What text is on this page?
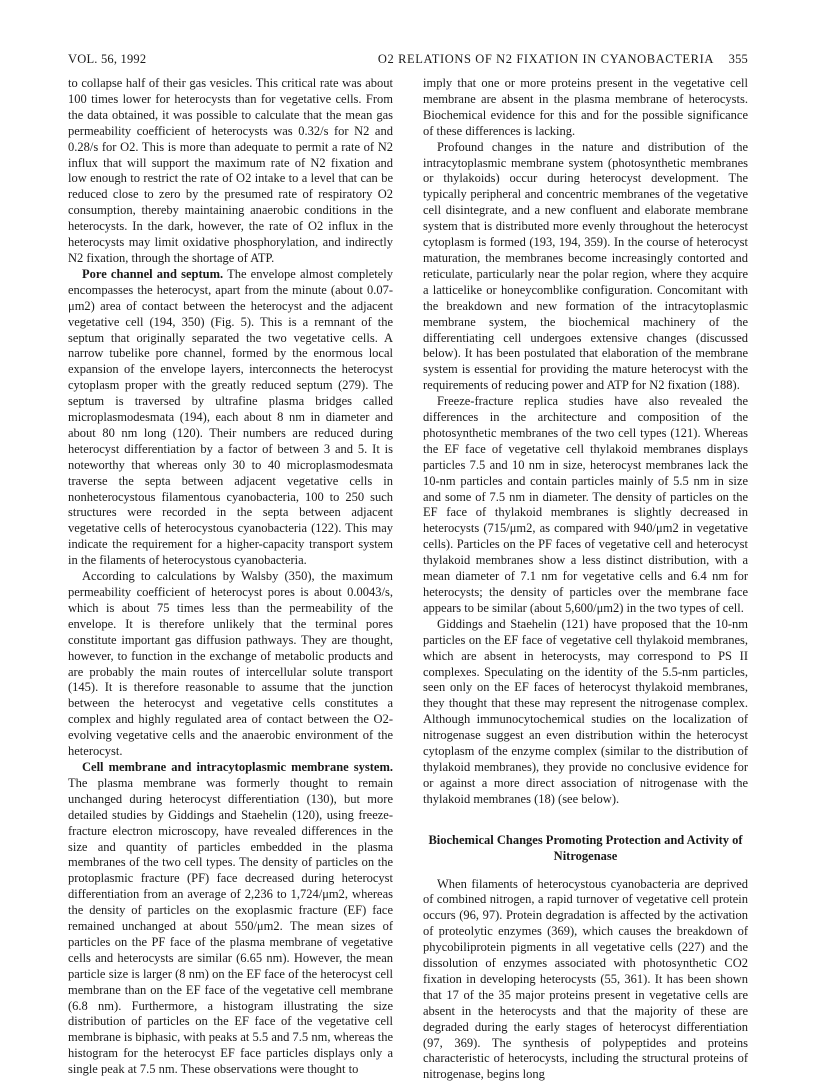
VOL. 56, 1992	O2 RELATIONS OF N2 FIXATION IN CYANOBACTERIA 355

to collapse half of their gas vesicles. This critical rate was about 100 times lower for heterocysts than for vegetative cells. From the data obtained, it was possible to calculate that the mean gas permeability coefficient of heterocysts was 0.32/s for N2 and 0.28/s for O2. This is more than adequate to permit a rate of N2 influx that will support the maximum rate of N2 fixation and low enough to restrict the rate of O2 intake to a level that can be reduced close to zero by the presumed rate of respiratory O2 consumption, thereby maintaining anaerobic conditions in the heterocysts. In the dark, however, the rate of O2 influx in the heterocysts may limit oxidative phosphorylation, and indirectly N2 fixation, through the shortage of ATP.

Pore channel and septum. The envelope almost completely encompasses the heterocyst, apart from the minute (about 0.07-μm2) area of contact between the heterocyst and the adjacent vegetative cell (194, 350) (Fig. 5). This is a remnant of the septum that originally separated the two vegetative cells. A narrow tubelike pore channel, formed by the enormous local expansion of the envelope layers, interconnects the heterocyst cytoplasm proper with the greatly reduced septum (279). The septum is traversed by ultrafine plasma bridges called microplasmodesmata (194), each about 8 nm in diameter and about 80 nm long (120). Their numbers are reduced during heterocyst differentiation by a factor of between 3 and 5. It is noteworthy that whereas only 30 to 40 microplasmodesmata traverse the septa between adjacent vegetative cells in nonheterocystous filamentous cyanobacteria, 100 to 250 such structures were recorded in the septa between adjacent vegetative cells of heterocystous cyanobacteria (122). This may indicate the requirement for a higher-capacity transport system in the filaments of heterocystous cyanobacteria.

According to calculations by Walsby (350), the maximum permeability coefficient of heterocyst pores is about 0.0043/s, which is about 75 times less than the permeability of the envelope. It is therefore unlikely that the terminal pores constitute important gas diffusion pathways. They are thought, however, to function in the exchange of metabolic products and are probably the main routes of intercellular solute transport (145). It is therefore reasonable to assume that the junction between the heterocyst and vegetative cells constitutes a complex and highly regulated area of contact between the O2-evolving vegetative cells and the anaerobic environment of the heterocyst.

Cell membrane and intracytoplasmic membrane system. The plasma membrane was formerly thought to remain unchanged during heterocyst differentiation (130), but more detailed studies by Giddings and Staehelin (120), using freeze-fracture electron microscopy, have revealed differences in the size and quantity of particles embedded in the plasma membranes of the two cell types. The density of particles on the protoplasmic fracture (PF) face decreased during heterocyst differentiation from an average of 2,236 to 1,724/μm2, whereas the density of particles on the exoplasmic fracture (EF) face remained unchanged at about 550/μm2. The mean sizes of particles on the PF face of the plasma membrane of vegetative cells and heterocysts are similar (6.65 nm). However, the mean particle size is larger (8 nm) on the EF face of the heterocyst cell membrane than on the EF face of the vegetative cell membrane (6.8 nm). Furthermore, a histogram illustrating the size distribution of particles on the EF face of the vegetative cell membrane is biphasic, with peaks at 5.5 and 7.5 nm, whereas the histogram for the heterocyst EF face particles displays only a single peak at 7.5 nm. These observations were thought to

imply that one or more proteins present in the vegetative cell membrane are absent in the plasma membrane of heterocysts. Biochemical evidence for this and for the possible significance of these differences is lacking.

Profound changes in the nature and distribution of the intracytoplasmic membrane system (photosynthetic membranes or thylakoids) occur during heterocyst development. The typically peripheral and concentric membranes of the vegetative cell disintegrate, and a new confluent and elaborate membrane system that is distributed more evenly throughout the heterocyst cytoplasm is formed (193, 194, 359). In the course of heterocyst maturation, the membranes become increasingly contorted and reticulate, particularly near the polar region, where they acquire a latticelike or honeycomblike configuration. Concomitant with the breakdown and new formation of the intracytoplasmic membrane system, the biochemical machinery of the differentiating cell undergoes extensive changes (discussed below). It has been postulated that elaboration of the membrane system is essential for providing the mature heterocyst with the requirements of reducing power and ATP for N2 fixation (188).

Freeze-fracture replica studies have also revealed the differences in the architecture and composition of the photosynthetic membranes of the two cell types (121). Whereas the EF face of vegetative cell thylakoid membranes displays particles 7.5 and 10 nm in size, heterocyst membranes lack the 10-nm particles and contain particles mainly of 5.5 nm in size and some of 7.5 nm in diameter. The density of particles on the EF face of thylakoid membranes is slightly decreased in heterocysts (715/μm2, as compared with 940/μm2 in vegetative cells). Particles on the PF faces of vegetative cell and heterocyst thylakoid membranes show a less distinct distribution, with a mean diameter of 7.1 nm for vegetative cells and 6.4 nm for heterocysts; the density of particles over the membrane face appears to be similar (about 5,600/μm2) in the two types of cell.

Giddings and Staehelin (121) have proposed that the 10-nm particles on the EF face of vegetative cell thylakoid membranes, which are absent in heterocysts, may correspond to PS II complexes. Speculating on the identity of the 5.5-nm particles, seen only on the EF faces of heterocyst thylakoid membranes, they thought that these may represent the nitrogenase complex. Although immunocytochemical studies on the localization of nitrogenase suggest an even distribution within the heterocyst cytoplasm of the enzyme complex (similar to the distribution of thylakoid membranes), they provide no conclusive evidence for or against a more direct association of nitrogenase with the thylakoid membranes (18) (see below).

Biochemical Changes Promoting Protection and Activity of Nitrogenase

When filaments of heterocystous cyanobacteria are deprived of combined nitrogen, a rapid turnover of vegetative cell protein occurs (96, 97). Protein degradation is affected by the activation of proteolytic enzymes (369), which causes the breakdown of phycobiliprotein pigments in all vegetative cells (227) and the dissolution of enzymes associated with photosynthetic CO2 fixation in developing heterocysts (55, 361). It has been shown that 17 of the 35 major proteins present in vegetative cells are absent in the heterocysts and that the majority of these are degraded during the early stages of heterocyst differentiation (97, 369). The synthesis of polypeptides and proteins characteristic of heterocysts, including the structural proteins of nitrogenase, begins long
